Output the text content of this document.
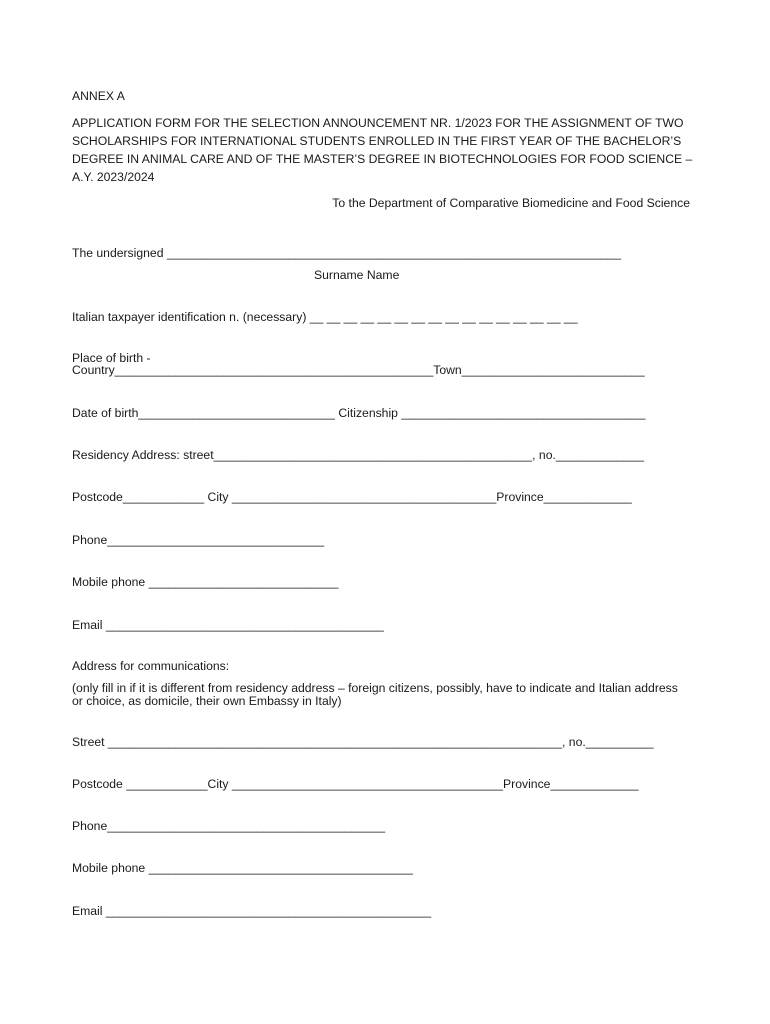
ANNEX A
APPLICATION FORM FOR THE SELECTION ANNOUNCEMENT NR. 1/2023 FOR THE ASSIGNMENT OF TWO SCHOLARSHIPS FOR INTERNATIONAL STUDENTS ENROLLED IN THE FIRST YEAR OF THE BACHELOR’S DEGREE IN ANIMAL CARE AND OF THE MASTER’S DEGREE IN BIOTECHNOLOGIES FOR FOOD SCIENCE – A.Y. 2023/2024
To the Department of Comparative Biomedicine and Food Science
The undersigned ___________________________________________________________________
Surname Name
Italian taxpayer identification n. (necessary) __ __ __ __ __ __ __ __ __ __ __ __ __ __ __ __
Place of birth -
Country_______________________________________________Town___________________________
Date of birth_____________________________ Citizenship ____________________________________
Residency Address: street_______________________________________________, no._____________
Postcode____________ City _______________________________________Province_____________
Phone________________________________
Mobile phone ____________________________
Email _________________________________________
Address for communications:
(only fill in if it is different from residency address – foreign citizens, possibly, have to indicate and Italian address or choice, as domicile, their own Embassy in Italy)
Street ___________________________________________________________________, no.__________
Postcode ____________City ________________________________________Province_____________
Phone_________________________________________
Mobile phone _______________________________________
Email ________________________________________________
